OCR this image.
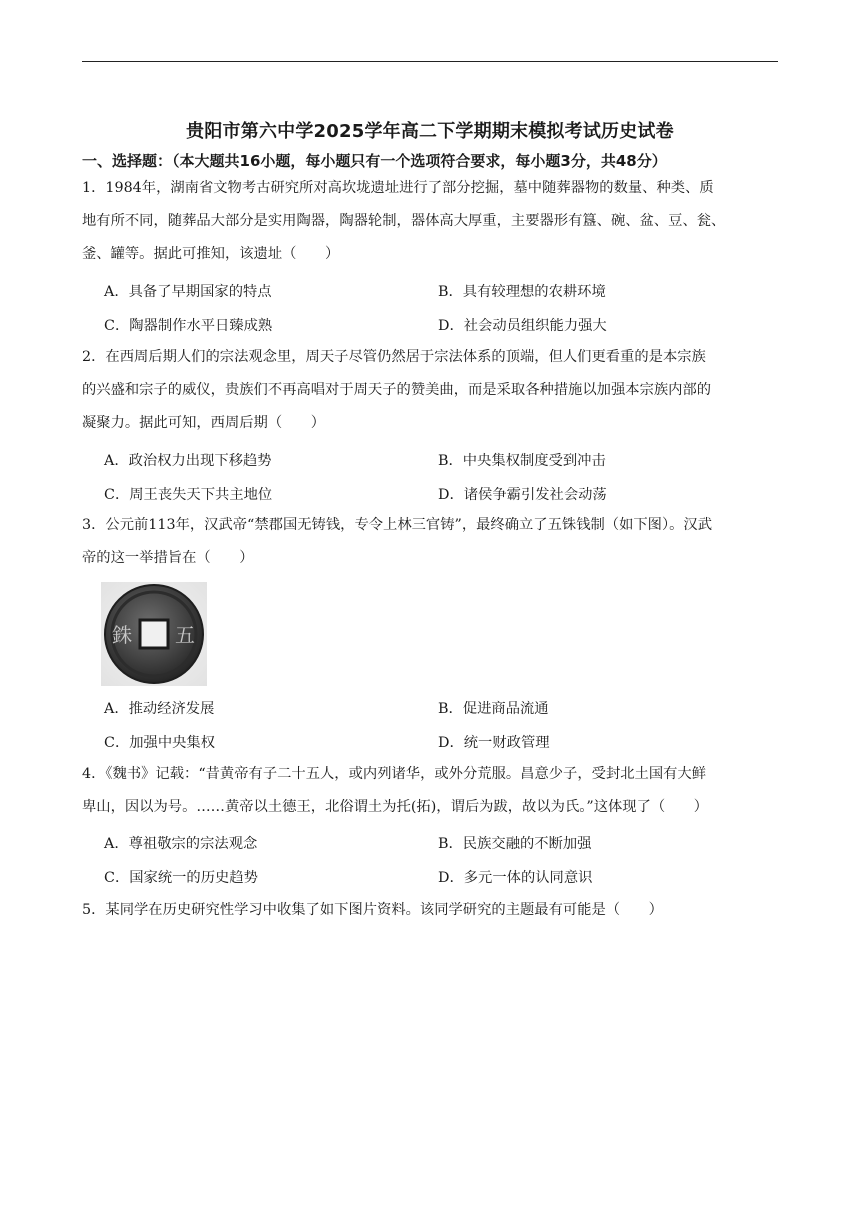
贵阳市第六中学2025学年高二下学期期末模拟考试历史试卷
一、选择题：（本大题共16小题，每小题只有一个选项符合要求，每小题3分，共48分）
1．1984年，湖南省文物考古研究所对高坎垅遗址进行了部分挖掘，墓中随葬器物的数量、种类、质
地有所不同，随葬品大部分是实用陶器，陶器轮制，器体高大厚重，主要器形有簋、碗、盆、豆、瓮、
釜、罐等。据此可推知，该遗址（　　）
A．具备了早期国家的特点	B．具有较理想的农耕环境
C．陶器制作水平日臻成熟	D．社会动员组织能力强大
2．在西周后期人们的宗法观念里，周天子尽管仍然居于宗法体系的顶端，但人们更看重的是本宗族
的兴盛和宗子的威仪，贵族们不再高唱对于周天子的赞美曲，而是采取各种措施以加强本宗族内部的
凝聚力。据此可知，西周后期（　　）
A．政治权力出现下移趋势	B．中央集权制度受到冲击
C．周王丧失天下共主地位	D．诸侯争霸引发社会动荡
3．公元前113年，汉武帝“禁郡国无铸钱，专令上林三官铸”，最终确立了五铢钱制（如下图）。汉武
帝的这一举措旨在（　　）
銖 五
A．推动经济发展	B．促进商品流通
C．加强中央集权	D．统一财政管理
4．《魏书》记载：“昔黄帝有子二十五人，或内列诸华，或外分荒服。昌意少子，受封北土国有大鲜
卑山，因以为号。……黄帝以土德王，北俗谓土为托(拓)，谓后为跋，故以为氏。”这体现了（　　）
A．尊祖敬宗的宗法观念	B．民族交融的不断加强
C．国家统一的历史趋势	D．多元一体的认同意识
5．某同学在历史研究性学习中收集了如下图片资料。该同学研究的主题最有可能是（　　）
